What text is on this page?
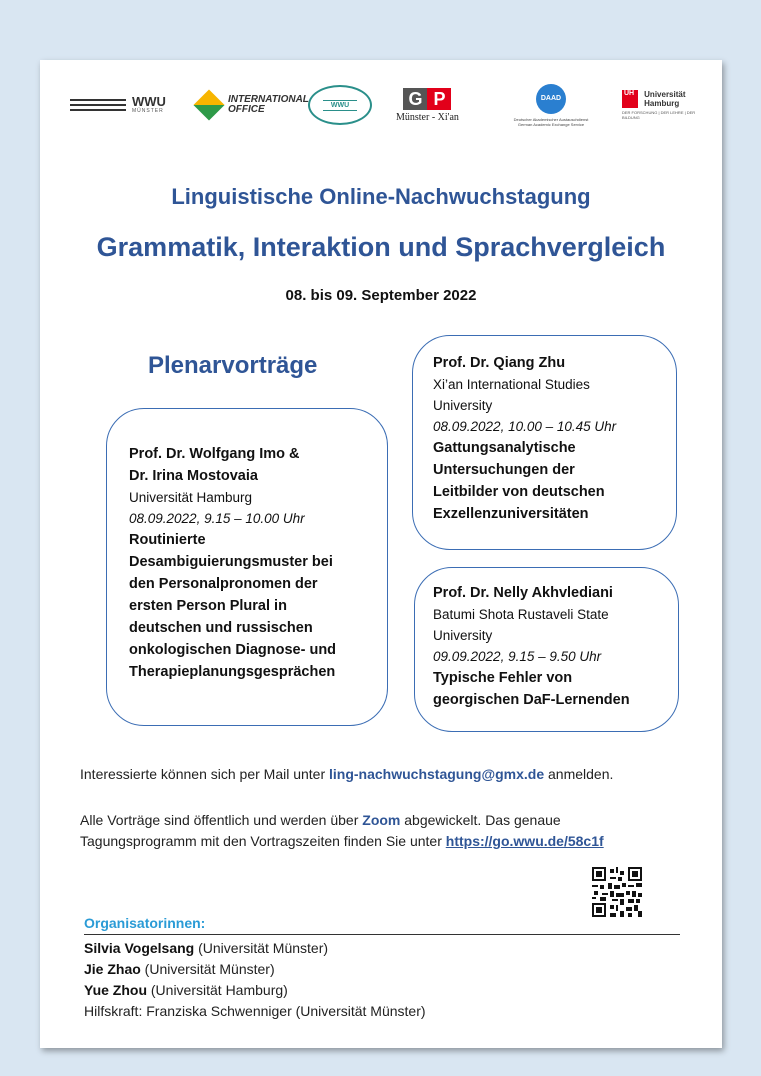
WWU
MÜNSTER
INTERNATIONAL
OFFICE	WWU	G P
Münster - Xi'an
DAAD
Deutscher Akademischer Austauschdienst German Academic Exchange Service
UH	Universität Hamburg
DER FORSCHUNG | DER LEHRE | DER BILDUNG
Linguistische Online-Nachwuchstagung
Grammatik, Interaktion und Sprachvergleich
08. bis 09. September 2022
Plenarvorträge
Prof. Dr. Wolfgang Imo &
Dr. Irina Mostovaia
Universität Hamburg
08.09.2022, 9.15 – 10.00 Uhr
Routinierte
Desambiguierungsmuster bei
den Personalpronomen der
ersten Person Plural in
deutschen und russischen
onkologischen Diagnose- und
Therapieplanungsgesprächen
Prof. Dr. Qiang Zhu
Xi’an International Studies
University
08.09.2022, 10.00 – 10.45 Uhr
Gattungsanalytische
Untersuchungen der
Leitbilder von deutschen
Exzellenzuniversitäten
Prof. Dr. Nelly Akhvlediani
Batumi Shota Rustaveli State
University
09.09.2022, 9.15 – 9.50 Uhr
Typische Fehler von
georgischen DaF-Lernenden
Interessierte können sich per Mail unter ling-nachwuchstagung@gmx.de anmelden.
Alle Vorträge sind öffentlich und werden über Zoom abgewickelt. Das genaue
Tagungsprogramm mit den Vortragszeiten finden Sie unter https://go.wwu.de/58c1f
Organisatorinnen:
Silvia Vogelsang (Universität Münster)
Jie Zhao (Universität Münster)
Yue Zhou (Universität Hamburg)
Hilfskraft: Franziska Schwenniger (Universität Münster)
